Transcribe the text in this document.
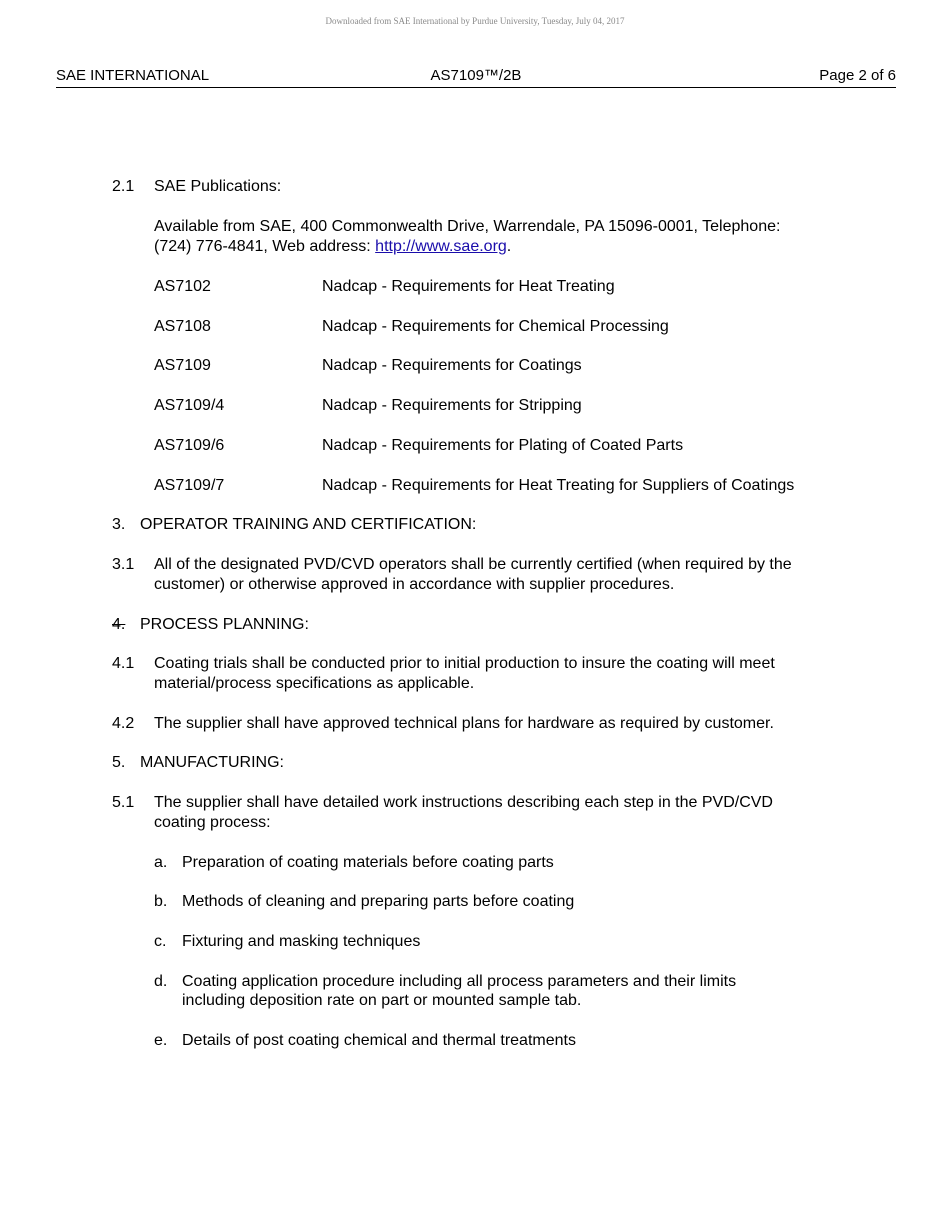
Downloaded from SAE International by Purdue University, Tuesday, July 04, 2017
AS7109™/2B
SAE INTERNATIONAL	Page 2 of 6
2.1 SAE Publications:
Available from SAE, 400 Commonwealth Drive, Warrendale, PA 15096-0001, Telephone:
(724) 776-4841, Web address: http://www.sae.org.
AS7102	Nadcap - Requirements for Heat Treating
AS7108	Nadcap - Requirements for Chemical Processing
AS7109	Nadcap - Requirements for Coatings
AS7109/4	Nadcap - Requirements for Stripping
AS7109/6	Nadcap - Requirements for Plating of Coated Parts
AS7109/7	Nadcap - Requirements for Heat Treating for Suppliers of Coatings
3. OPERATOR TRAINING AND CERTIFICATION:
3.1 All of the designated PVD/CVD operators shall be currently certified (when required by the
customer) or otherwise approved in accordance with supplier procedures.
4. PROCESS PLANNING:
4.1 Coating trials shall be conducted prior to initial production to insure the coating will meet
material/process specifications as applicable.
4.2 The supplier shall have approved technical plans for hardware as required by customer.
5. MANUFACTURING:
5.1 The supplier shall have detailed work instructions describing each step in the PVD/CVD
coating process:
a. Preparation of coating materials before coating parts
b. Methods of cleaning and preparing parts before coating
c. Fixturing and masking techniques
d. Coating application procedure including all process parameters and their limits
including deposition rate on part or mounted sample tab.
e. Details of post coating chemical and thermal treatments
